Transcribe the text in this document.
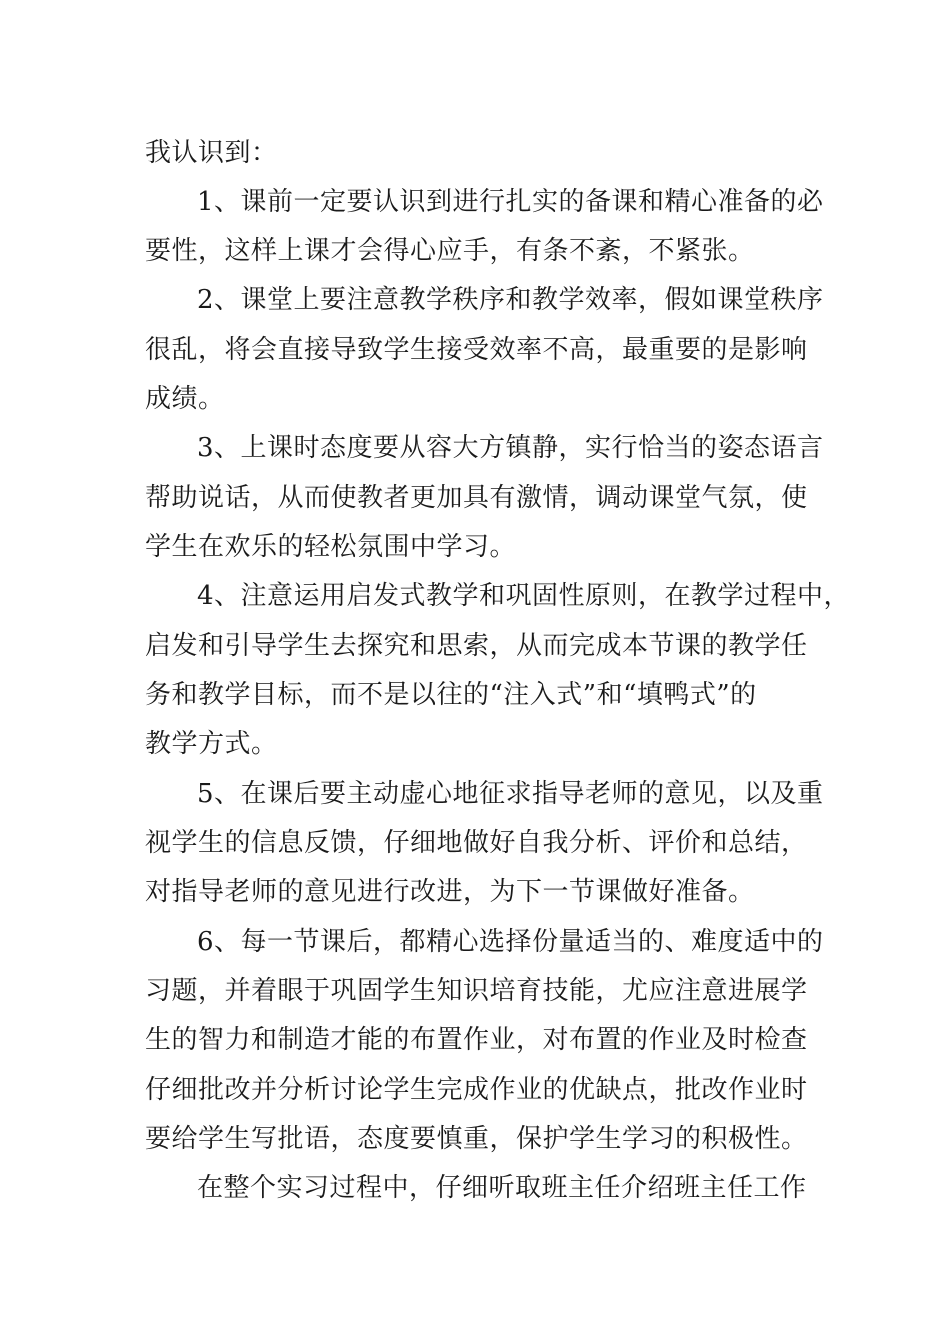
我认识到：
1、课前一定要认识到进行扎实的备课和精心准备的必
要性，这样上课才会得心应手，有条不紊，不紧张。
2、课堂上要注意教学秩序和教学效率，假如课堂秩序
很乱，将会直接导致学生接受效率不高，最重要的是影响
成绩。
3、上课时态度要从容大方镇静，实行恰当的姿态语言
帮助说话，从而使教者更加具有激情，调动课堂气氛，使
学生在欢乐的轻松氛围中学习。
4、注意运用启发式教学和巩固性原则，在教学过程中，
启发和引导学生去探究和思索，从而完成本节课的教学任
务和教学目标，而不是以往的“注入式”和“填鸭式”的
教学方式。
5、在课后要主动虚心地征求指导老师的意见，以及重
视学生的信息反馈，仔细地做好自我分析、评价和总结，
对指导老师的意见进行改进，为下一节课做好准备。
6、每一节课后，都精心选择份量适当的、难度适中的
习题，并着眼于巩固学生知识培育技能，尤应注意进展学
生的智力和制造才能的布置作业，对布置的作业及时检查
仔细批改并分析讨论学生完成作业的优缺点，批改作业时
要给学生写批语，态度要慎重，保护学生学习的积极性。
在整个实习过程中，仔细听取班主任介绍班主任工作
